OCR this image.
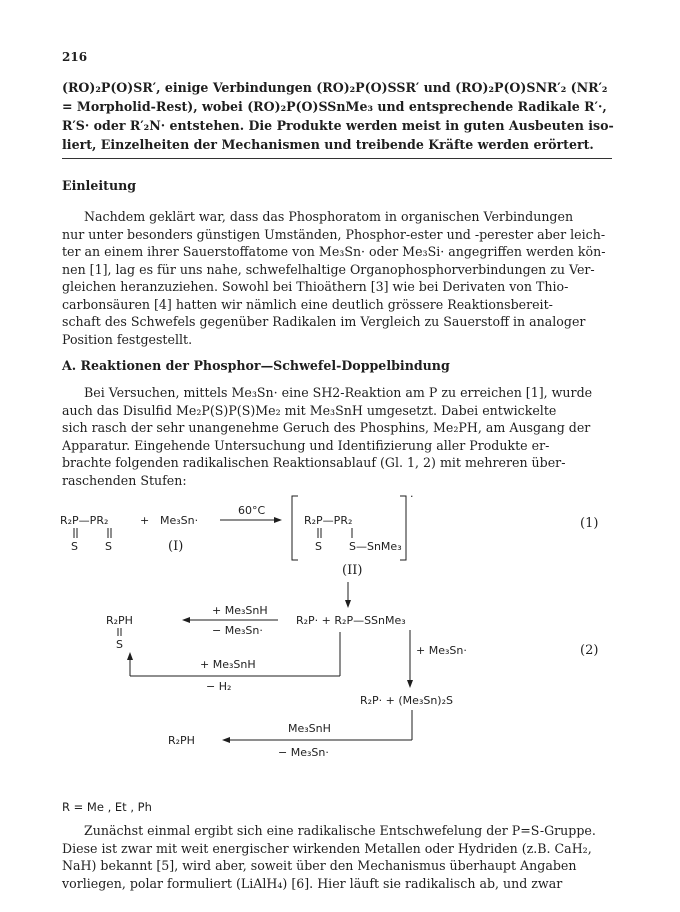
216
(RO)₂P(O)SR′, einige Verbindungen (RO)₂P(O)SSR′ und (RO)₂P(O)SNR′₂ (NR′₂
= Morpholid-Rest), wobei (RO)₂P(O)SSnMe₃ und entsprechende Radikale R′·,
R′S· oder R′₂N· entstehen. Die Produkte werden meist in guten Ausbeuten iso-
liert, Einzelheiten der Mechanismen und treibende Kräfte werden erörtert.
Einleitung

Nachdem geklärt war, dass das Phosphoratom in organischen Verbindungen

nur unter besonders günstigen Umständen, Phosphor-ester und -perester aber leich-

ter an einem ihrer Sauerstoffatome von Me₃Sn· oder Me₃Si· angegriffen werden kön-

nen [1], lag es für uns nahe, schwefelhaltige Organophosphorverbindungen zu Ver-

gleichen heranzuziehen. Sowohl bei Thioäthern [3] wie bei Derivaten von Thio-

carbonsäuren [4] hatten wir nämlich eine deutlich grössere Reaktionsbereit-

schaft des Schwefels gegenüber Radikalen im Vergleich zu Sauerstoff in analoger

Position festgestellt.

A. Reaktionen der Phosphor—Schwefel-Doppelbindung

Bei Versuchen, mittels Me₃Sn· eine SH2-Reaktion am P zu erreichen [1], wurde

auch das Disulfid Me₂P(S)P(S)Me₂ mit Me₃SnH umgesetzt. Dabei entwickelte

sich rasch der sehr unangenehme Geruch des Phosphins, Me₂PH, am Ausgang der

Apparatur. Eingehende Untersuchung und Identifizierung aller Produkte er-

brachte folgenden radikalischen Reaktionsablauf (Gl. 1, 2) mit mehreren über-

raschenden Stufen:

R₂P—PR₂
S S
+ Me₃Sn·
(I)
60°C
·
R₂P—PR₂
S S—SnMe₃
(II)
R₂PH
S
+ Me₃SnH
− Me₃Sn·
R₂P· + R₂P—SSnMe₃
+ Me₃Sn·	(2)
+ Me₃SnH
− H₂
R₂P· + (Me₃Sn)₂S
Me₃SnH
− Me₃Sn·
R₂PH
(1)
R = Me , Et , Ph

Zunächst einmal ergibt sich eine radikalische Entschwefelung der P=S-Gruppe.

Diese ist zwar mit weit energischer wirkenden Metallen oder Hydriden (z.B. CaH₂,

NaH) bekannt [5], wird aber, soweit über den Mechanismus überhaupt Angaben

vorliegen, polar formuliert (LiAlH₄) [6]. Hier läuft sie radikalisch ab, und zwar
